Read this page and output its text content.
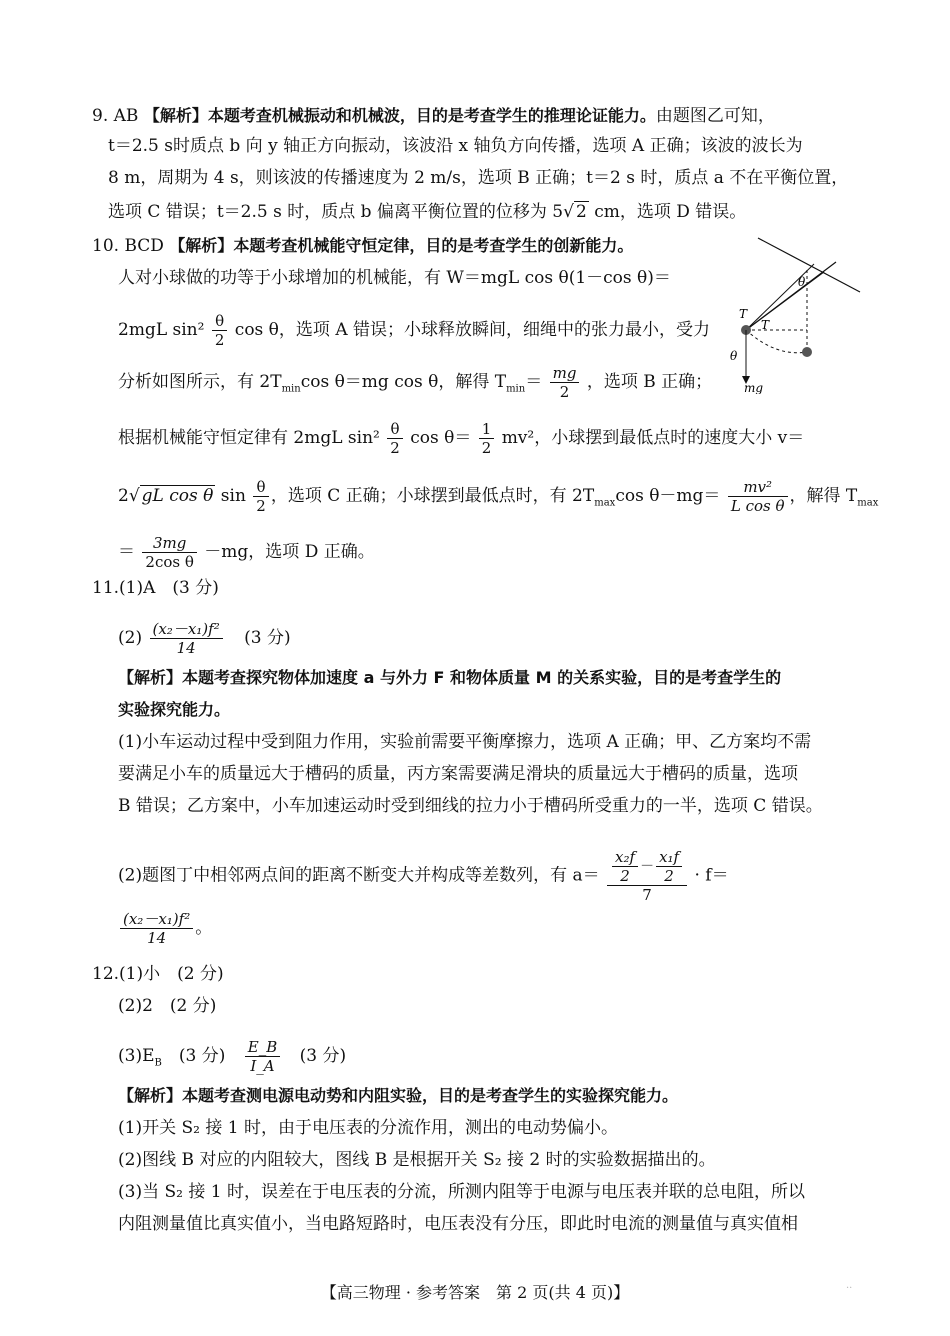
9. AB 【解析】本题考查机械振动和机械波，目的是考查学生的推理论证能力。由题图乙可知，
t＝2.5 s时质点 b 向 y 轴正方向振动，该波沿 x 轴负方向传播，选项 A 正确；该波的波长为
8 m，周期为 4 s，则该波的传播速度为 2 m/s，选项 B 正确；t＝2 s 时，质点 a 不在平衡位置，
选项 C 错误；t＝2.5 s 时，质点 b 偏离平衡位置的位移为 5√ 2 cm，选项 D 错误。
10. BCD 【解析】本题考查机械能守恒定律，目的是考查学生的创新能力。
人对小球做的功等于小球增加的机械能，有 W＝mgL cos θ(1－cos θ)＝
2mgL $\sin^2 \frac{\theta}{2}$ cos θ，选项 A 错误；小球释放瞬间，细绳中的张力最小，受力
分析如图所示，有 $2T_{min}\cos$ θ＝mg cos θ，解得 $T_{min}= \frac{mg}{2}$ ，选项 B 正确；
根据机械能守恒定律有 2mgL $\sin^2 \frac{\theta}{2}$ $\cos \theta= \frac{1}{2} mv^2$，小球摆到最低点时的速度大小 v＝
2√ gL cos θ $\sin \frac{\theta}{2}$ ，选项 C 正确；小球摆到最低点时，有 $2T_{max}\cos$ $\theta-mg= \frac{\text{mv²}}{\text{L cos θ}}$ ，解得 $T_{max}$
＝ $\frac{3mg}{\text{2cos θ}} -mg$，选项 D 正确。
T
T
θ
θ
mg
11.(1)A　(3 分)
$(2) \frac{\text{(x₂－x₁)f²}}{14} (3$ 分)
【解析】本题考查探究物体加速度 a 与外力 F 和物体质量 M 的关系实验，目的是考查学生的
实验探究能力。
(1)小车运动过程中受到阻力作用，实验前需要平衡摩擦力，选项 A 正确；甲、乙方案均不需
要满足小车的质量远大于槽码的质量，丙方案需要满足滑块的质量远大于槽码的质量，选项
B 错误；乙方案中，小车加速运动时受到细线的拉力小于槽码所受重力的一半，选项 C 错误。
(2)题图丁中相邻两点间的距离不断变大并构成等差数列，有 $a= \frac{\frac{\text{x₂f}}{2} - \frac{\text{x₁f}}{2}}{7} \cdot f=$
$\frac{\text{(x₂－x₁)f²}}{14}$ 。
12.(1)小　(2 分)
(2)2　(2 分)
$(3)E_B$　(3 分) $\frac{E\_B}{I\_A} (3$ 分)
【解析】本题考查测电源电动势和内阻实验，目的是考查学生的实验探究能力。
(1)开关 S₂ 接 1 时，由于电压表的分流作用，测出的电动势偏小。
(2)图线 B 对应的内阻较大，图线 B 是根据开关 S₂ 接 2 时的实验数据描出的。
(3)当 S₂ 接 1 时，误差在于电压表的分流，所测内阻等于电源与电压表并联的总电阻，所以
内阻测量值比真实值小，当电路短路时，电压表没有分压，即此时电流的测量值与真实值相
【高三物理 · 参考答案　第 2 页(共 4 页)】	··
